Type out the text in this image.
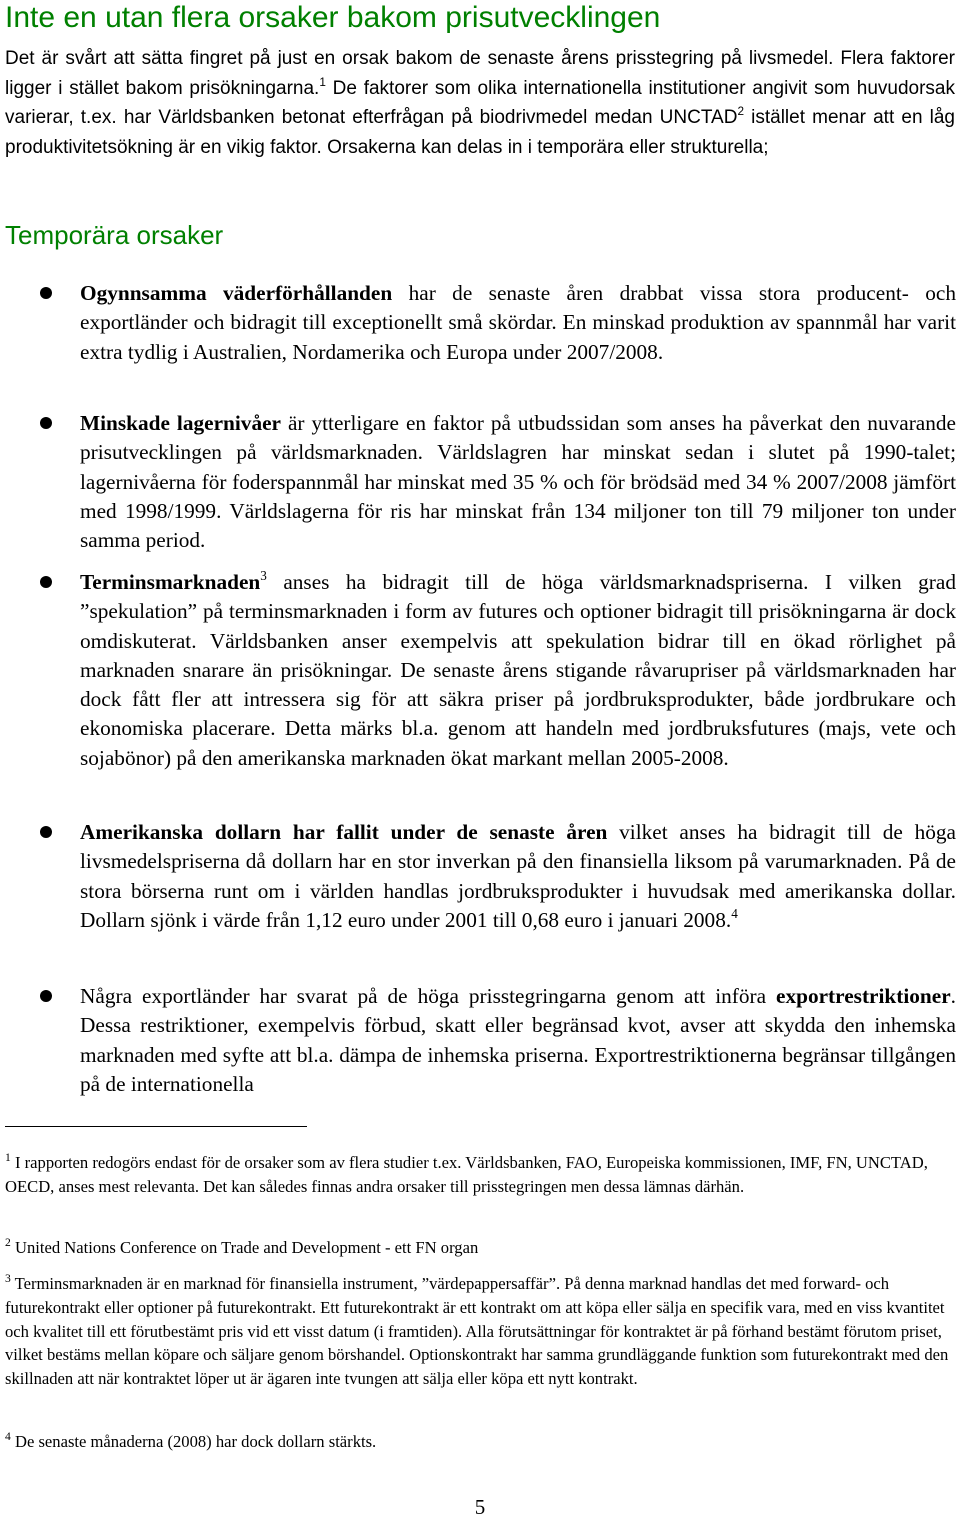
Inte en utan flera orsaker bakom prisutvecklingen

Det är svårt att sätta fingret på just en orsak bakom de senaste årens prisstegring på livsmedel. Flera faktorer ligger i stället bakom prisökningarna.$^1$ De faktorer som olika internationella institutioner angivit som huvudorsak varierar, t.ex. har Världsbanken betonat efterfrågan på biodrivmedel medan UNCTAD$^2$ istället menar att en låg produktivitetsökning är en vikig faktor. Orsakerna kan delas in i temporära eller strukturella;

Temporära orsaker

Ogynnsamma väderförhållanden har de senaste åren drabbat vissa stora producent- och exportländer och bidragit till exceptionellt små skördar. En minskad produktion av spannmål har varit extra tydlig i Australien, Nordamerika och Europa under 2007/2008.

Minskade lagernivåer är ytterligare en faktor på utbudssidan som anses ha påverkat den nuvarande prisutvecklingen på världsmarknaden. Världslagren har minskat sedan i slutet på 1990-talet; lagernivåerna för foderspannmål har minskat med 35 % och för brödsäd med 34 % 2007/2008 jämfört med 1998/1999. Världslagerna för ris har minskat från 134 miljoner ton till 79 miljoner ton under samma period.

Terminsmarknaden$^3$ anses ha bidragit till de höga världsmarknadspriserna. I vilken grad ”spekulation” på terminsmarknaden i form av futures och optioner bidragit till prisökningarna är dock omdiskuterat. Världsbanken anser exempelvis att spekulation bidrar till en ökad rörlighet på marknaden snarare än prisökningar. De senaste årens stigande råvarupriser på världsmarknaden har dock fått fler att intressera sig för att säkra priser på jordbruksprodukter, både jordbrukare och ekonomiska placerare. Detta märks bl.a. genom att handeln med jordbruksfutures (majs, vete och sojabönor) på den amerikanska marknaden ökat markant mellan 2005-2008.

Amerikanska dollarn har fallit under de senaste åren vilket anses ha bidragit till de höga livsmedelspriserna då dollarn har en stor inverkan på den finansiella liksom på varumarknaden. På de stora börserna runt om i världen handlas jordbruksprodukter i huvudsak med amerikanska dollar. Dollarn sjönk i värde från 1,12 euro under 2001 till 0,68 euro i januari 2008.$^4$

Några exportländer har svarat på de höga prisstegringarna genom att införa exportrestriktioner. Dessa restriktioner, exempelvis förbud, skatt eller begränsad kvot, avser att skydda den inhemska marknaden med syfte att bl.a. dämpa de inhemska priserna. Exportrestriktionerna begränsar tillgången på de internationella

$^1$ I rapporten redogörs endast för de orsaker som av flera studier t.ex. Världsbanken, FAO, Europeiska kommissionen, IMF, FN, UNCTAD, OECD, anses mest relevanta. Det kan således finnas andra orsaker till prisstegringen men dessa lämnas därhän.

$^2$ United Nations Conference on Trade and Development - ett FN organ

$^3$ Terminsmarknaden är en marknad för finansiella instrument, ”värdepappersaffär”. På denna marknad handlas det med forward- och futurekontrakt eller optioner på futurekontrakt. Ett futurekontrakt är ett kontrakt om att köpa eller sälja en specifik vara, med en viss kvantitet och kvalitet till ett förutbestämt pris vid ett visst datum (i framtiden). Alla förutsättningar för kontraktet är på förhand bestämt förutom priset, vilket bestäms mellan köpare och säljare genom börshandel. Optionskontrakt har samma grundläggande funktion som futurekontrakt med den skillnaden att när kontraktet löper ut är ägaren inte tvungen att sälja eller köpa ett nytt kontrakt.

$^4$ De senaste månaderna (2008) har dock dollarn stärkts.

5
